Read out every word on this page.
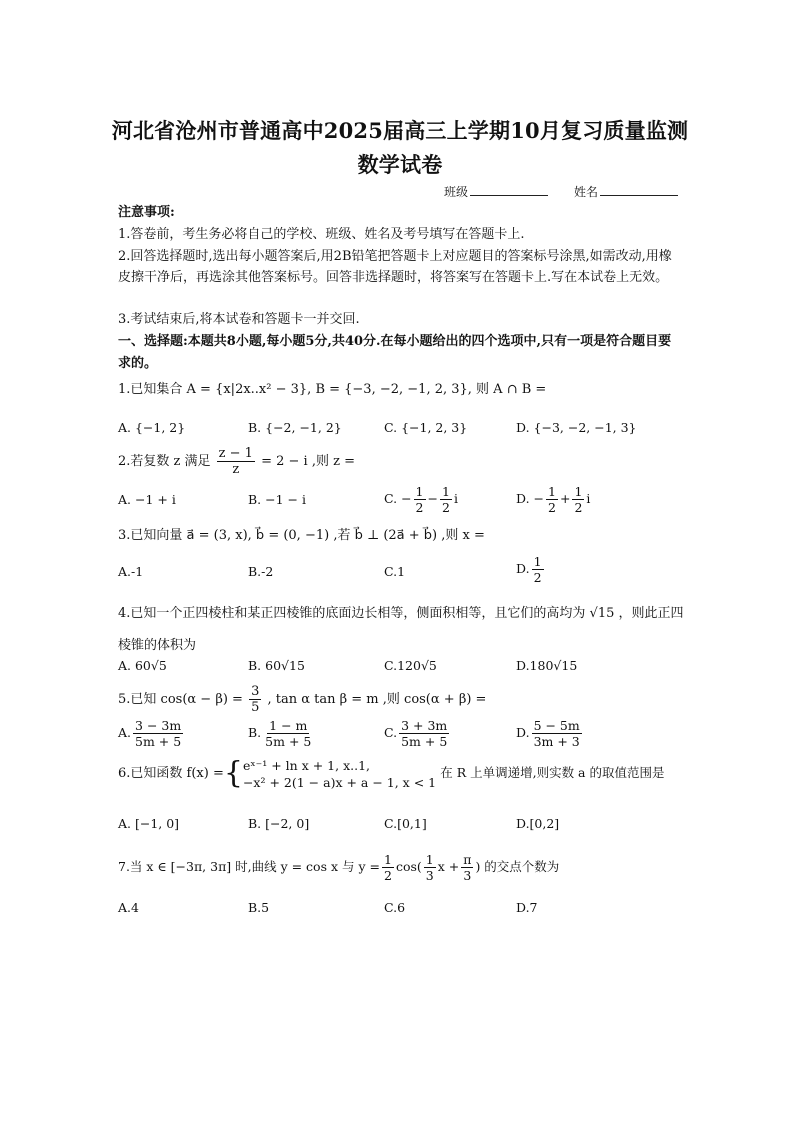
河北省沧州市普通高中2025届高三上学期10月复习质量监测数学试卷
班级	姓名
注意事项:
1.答卷前，考生务必将自己的学校、班级、姓名及考号填写在答题卡上.
2.回答选择题时,选出每小题答案后,用2B铅笔把答题卡上对应题目的答案标号涂黑,如需改动,用橡皮擦干净后，再选涂其他答案标号。回答非选择题时，将答案写在答题卡上.写在本试卷上无效。
3.考试结束后,将本试卷和答题卡一并交回.
一、选择题:本题共8小题,每小题5分,共40分.在每小题给出的四个选项中,只有一项是符合题目要求的。
1.已知集合 A = {x|2x..x² − 3}, B = {−3, −2, −1, 2, 3}, 则 A ∩ B =
A. {−1, 2}	B. {−2, −1, 2}	C. {−1, 2, 3}	D. {−3, −2, −1, 3}
2.若复数 z 满足 $\frac{z - 1}{z} = 2 - i$ ,则 z =
A. −1 + i	B. −1 − i	C. − $\frac{1}{2} - \frac{1}{2}$ i	D. − $\frac{1}{2} + \frac{1}{2}$ i
3.已知向量 a⃗ = (3, x), b⃗ = (0, −1) ,若 b⃗ ⊥ (2a⃗ + b⃗) ,则 x =
A.-1	B.-2	C.1	D. $\frac{1}{2}$
4.已知一个正四棱柱和某正四棱锥的底面边长相等，侧面积相等，且它们的高均为 √15 ，则此正四棱锥的体积为
A. 60√5	B. 60√15	C.120√5	D.180√15
5.已知 $\cos(\alpha - \beta) = \frac{3}{5}$ , tan α tan β = m ,则 cos(α + β) =
A. $\frac{3 - 3m}{5m + 5}$	B. $\frac{1 - m}{5m + 5}$	C. $\frac{3 + 3m}{5m + 5}$	D. $\frac{5 - 5m}{3m + 3}$
6.已知函数 f(x) ={ eˣ⁻¹ + ln x + 1, x..1,
−x² + 2(1 − a)x + a − 1, x < 1
在 R 上单调递增,则实数 a 的取值范围是
A. [−1, 0]	B. [−2, 0]	C.[0,1]	D.[0,2]
7.当 x ∈ [−3π, 3π] 时,曲线 y = cos x 与 $y = \frac{1}{2} \cos( \frac{1}{3}$ $x + \frac{\pi}{3}$ ) 的交点个数为
A.4	B.5	C.6	D.7
